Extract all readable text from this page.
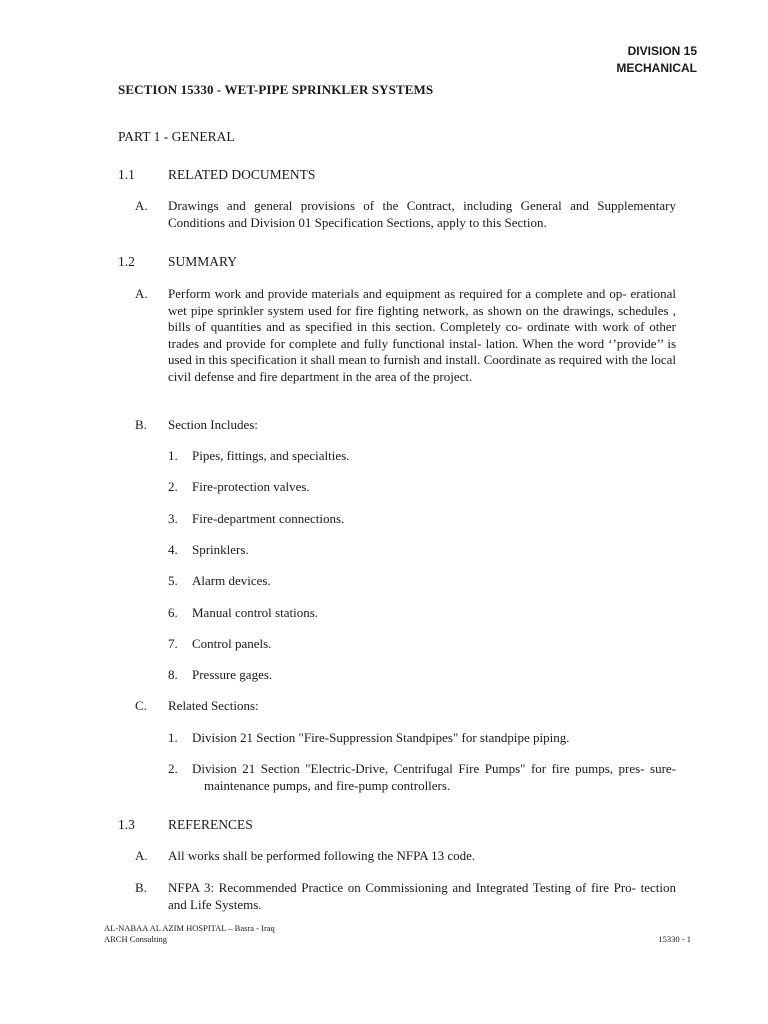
DIVISION 15
MECHANICAL
SECTION 15330 - WET-PIPE SPRINKLER SYSTEMS
PART 1 - GENERAL
1.1 RELATED DOCUMENTS
A. Drawings and general provisions of the Contract, including General and Supplementary Conditions and Division 01 Specification Sections, apply to this Section.
1.2 SUMMARY
A. Perform work and provide materials and equipment as required for a complete and op- erational wet pipe sprinkler system used for fire fighting network, as shown on the drawings, schedules , bills of quantities and as specified in this section. Completely co- ordinate with work of other trades and provide for complete and fully functional instal- lation. When the word ‘’provide’’ is used in this specification it shall mean to furnish and install. Coordinate as required with the local civil defense and fire department in the area of the project.
B. Section Includes:
1. Pipes, fittings, and specialties.
2. Fire-protection valves.
3. Fire-department connections.
4. Sprinklers.
5. Alarm devices.
6. Manual control stations.
7. Control panels.
8. Pressure gages.
C. Related Sections:
1. Division 21 Section "Fire-Suppression Standpipes" for standpipe piping.
2. Division 21 Section "Electric-Drive, Centrifugal Fire Pumps" for fire pumps, pres- sure-maintenance pumps, and fire-pump controllers.
1.3 REFERENCES
A. All works shall be performed following the NFPA 13 code.
B. NFPA 3: Recommended Practice on Commissioning and Integrated Testing of fire Pro- tection and Life Systems.
AL-NABAA AL AZIM HOSPITAL – Basra - Iraq
ARCH Consulting	15330 - 1
